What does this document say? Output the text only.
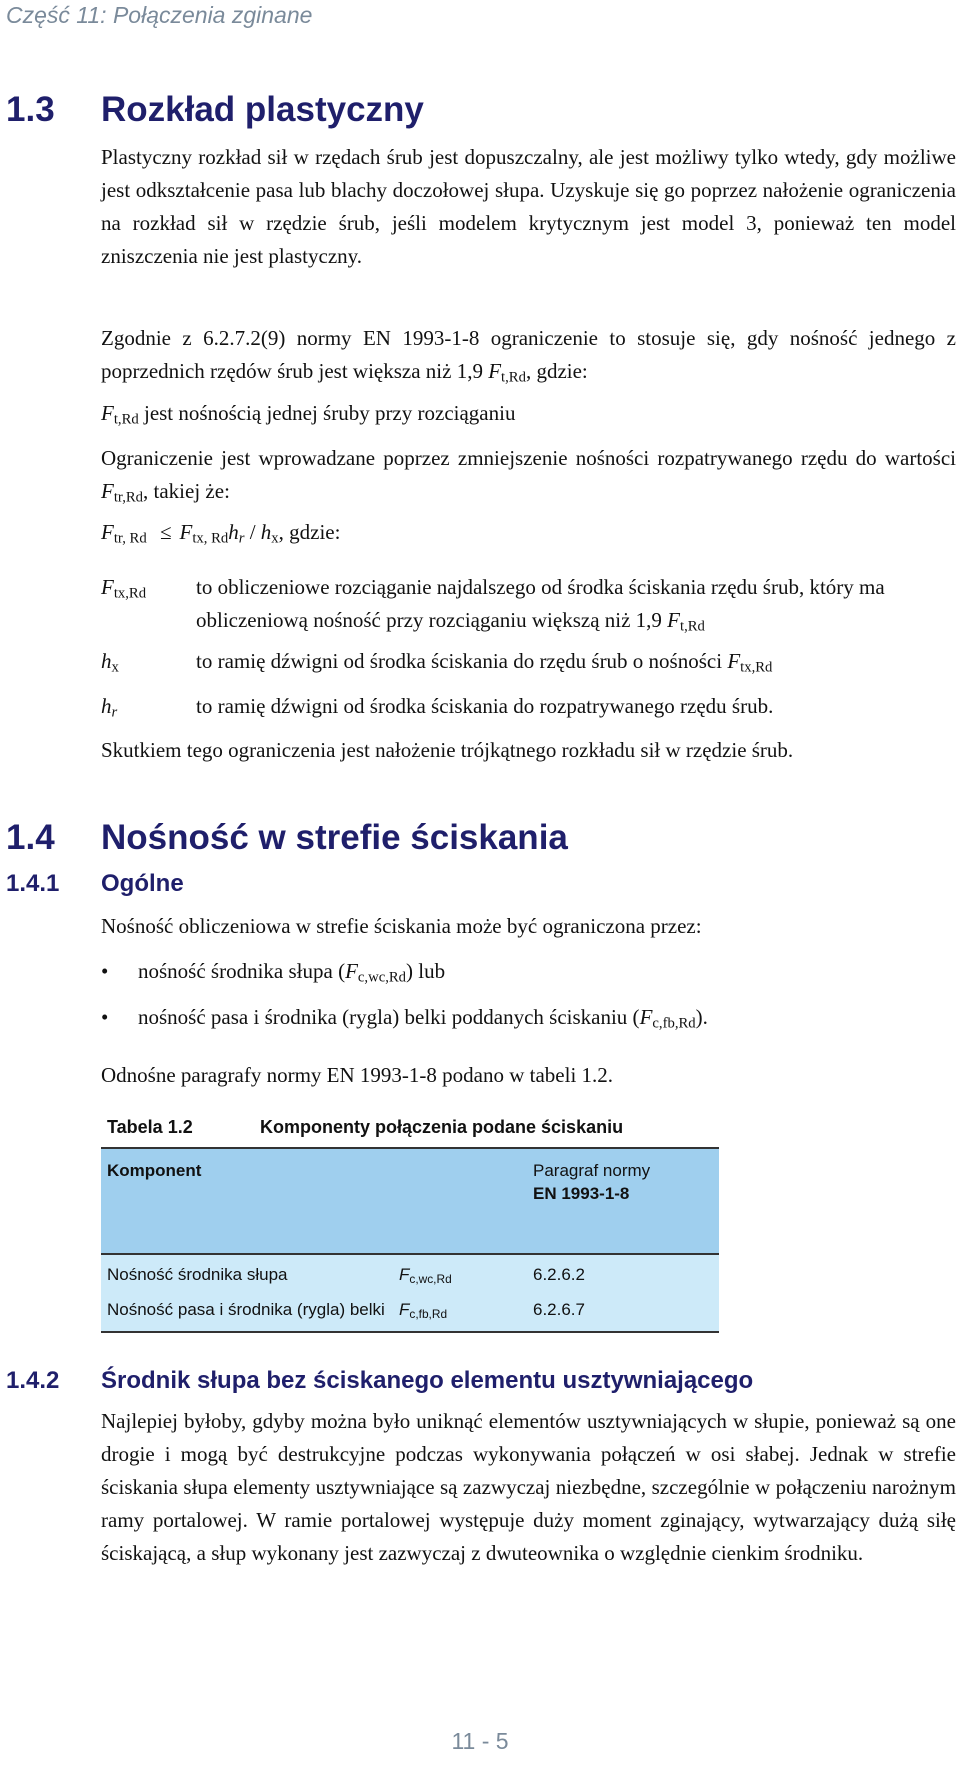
Część 11: Połączenia zginane
1.3 Rozkład plastyczny
Plastyczny rozkład sił w rzędach śrub jest dopuszczalny, ale jest możliwy tylko wtedy, gdy możliwe jest odkształcenie pasa lub blachy doczołowej słupa. Uzyskuje się go poprzez nałożenie ograniczenia na rozkład sił w rzędzie śrub, jeśli modelem krytycznym jest model 3, ponieważ ten model zniszczenia nie jest plastyczny.
Zgodnie z 6.2.7.2(9) normy EN 1993-1-8 ograniczenie to stosuje się, gdy nośność jednego z poprzednich rzędów śrub jest większa niż 1,9 $F_{t,Rd}$, gdzie:
$F_{t,Rd}$ jest nośnością jednej śruby przy rozciąganiu
Ograniczenie jest wprowadzane poprzez zmniejszenie nośności rozpatrywanego rzędu do wartości $F_{tr,Rd}$, takiej że:
$F_{tr, Rd} \le F_{tx, Rd}h_r / h_x$, gdzie:
$F_{tx,Rd}$ to obliczeniowe rozciąganie najdalszego od środka ściskania rzędu śrub, który ma obliczeniową nośność przy rozciąganiu większą niż 1,9 $F_{t,Rd}$
$h_x$	to ramię dźwigni od środka ściskania do rzędu śrub o nośności $F_{tx,Rd}$
$h_r$	to ramię dźwigni od środka ściskania do rozpatrywanego rzędu śrub.
Skutkiem tego ograniczenia jest nałożenie trójkątnego rozkładu sił w rzędzie śrub.
1.4 Nośność w strefie ściskania
1.4.1 Ogólne
Nośność obliczeniowa w strefie ściskania może być ograniczona przez:
• nośność środnika słupa $(F_{c,wc,Rd})$ lub
• nośność pasa i środnika (rygla) belki poddanych ściskaniu $(F_{c,fb,Rd})$.
Odnośne paragrafy normy EN 1993-1-8 podano w tabeli 1.2.
Tabela 1.2	Komponenty połączenia podane ściskaniu
Komponent		Paragraf normy
EN 1993-1-8

Nośność środnika słupa	$F_{c,wc,Rd}$	6.2.6.2
Nośność pasa i środnika (rygla) belki	$F_{c,fb,Rd}$	6.2.6.7
1.4.2 Środnik słupa bez ściskanego elementu usztywniającego
Najlepiej byłoby, gdyby można było uniknąć elementów usztywniających w słupie, ponieważ są one drogie i mogą być destrukcyjne podczas wykonywania połączeń w osi słabej. Jednak w strefie ściskania słupa elementy usztywniające są zazwyczaj niezbędne, szczególnie w połączeniu narożnym ramy portalowej. W ramie portalowej występuje duży moment zginający, wytwarzający dużą siłę ściskającą, a słup wykonany jest zazwyczaj z dwuteownika o względnie cienkim środniku.
11 - 5
